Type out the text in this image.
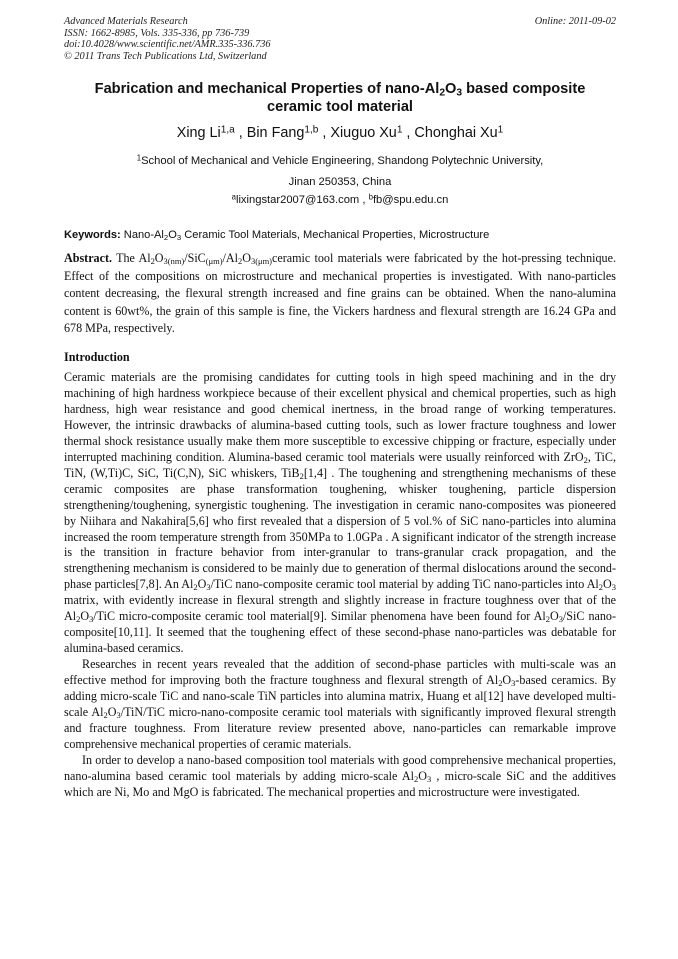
Advanced Materials Research
ISSN: 1662-8985, Vols. 335-336, pp 736-739
doi:10.4028/www.scientific.net/AMR.335-336.736
© 2011 Trans Tech Publications Ltd, Switzerland
Online: 2011-09-02
Fabrication and mechanical Properties of nano-$Al_2O_3$ based composite
ceramic tool material
Xing Li$^{1,a}$ , Bin Fang$^{1,b}$ , Xiuguo Xu$^1$ , Chonghai Xu$^1$
$^1$School of Mechanical and Vehicle Engineering, Shandong Polytechnic University,
Jinan 250353, China
$^a$lixingstar2007@163.com , $^b$fb@spu.edu.cn
Keywords: Nano-$Al_2O_3$ Ceramic Tool Materials, Mechanical Properties, Microstructure
Abstract. The $Al_2O_{3(nm)}/SiC_{(\mu m)}/Al_2O_{3(\mu m)}ceramic$ tool materials were fabricated by the hot-pressing technique. Effect of the compositions on microstructure and mechanical properties is investigated. With nano-particles content decreasing, the flexural strength increased and fine grains can be obtained. When the nano-alumina content is 60wt%, the grain of this sample is fine, the Vickers hardness and flexural strength are 16.24 GPa and 678 MPa, respectively.
Introduction

Ceramic materials are the promising candidates for cutting tools in high speed machining and in the dry machining of high hardness workpiece because of their excellent physical and chemical properties, such as high hardness, high wear resistance and good chemical inertness, in the broad range of working temperatures. However, the intrinsic drawbacks of alumina-based cutting tools, such as lower fracture toughness and lower thermal shock resistance usually make them more susceptible to excessive chipping or fracture, especially under interrupted machining condition. Alumina-based ceramic tool materials were usually reinforced with ZrO$_2$, TiC, TiN, (W,Ti)C, SiC, Ti(C,N), SiC whiskers, TiB$_2$[1,4] . The toughening and strengthening mechanisms of these ceramic composites are phase transformation toughening, whisker toughening, particle dispersion strengthening/toughening, synergistic toughening. The investigation in ceramic nano-composites was pioneered by Niihara and Nakahira[5,6] who first revealed that a dispersion of 5 vol.% of SiC nano-particles into alumina increased the room temperature strength from 350MPa to 1.0GPa . A significant indicator of the strength increase is the transition in fracture behavior from inter-granular to trans-granular crack propagation, and the strengthening mechanism is considered to be mainly due to generation of thermal dislocations around the second-phase particles[7,8]. An $Al_2O_3$/TiC nano-composite ceramic tool material by adding TiC nano-particles into $Al_2O_3$ matrix, with evidently increase in flexural strength and slightly increase in fracture toughness over that of the $Al_2O_3$/TiC micro-composite ceramic tool material[9]. Similar phenomena have been found for $Al_2O_3$/SiC nano-composite[10,11]. It seemed that the toughening effect of these second-phase nano-particles was debatable for alumina-based ceramics.

Researches in recent years revealed that the addition of second-phase particles with multi-scale was an effective method for improving both the fracture toughness and flexural strength of $Al_2O_3$-based ceramics. By adding micro-scale TiC and nano-scale TiN particles into alumina matrix, Huang et al[12] have developed multi-scale $Al_2O_3/TiN$/TiC micro-nano-composite ceramic tool materials with significantly improved flexural strength and fracture toughness. From literature review presented above, nano-particles can remarkable improve comprehensive mechanical properties of ceramic materials.

In order to develop a nano-based composition tool materials with good comprehensive mechanical properties, nano-alumina based ceramic tool materials by adding micro-scale $Al_2O_3$ , micro-scale SiC and the additives which are Ni, Mo and MgO is fabricated. The mechanical properties and microstructure were investigated.
